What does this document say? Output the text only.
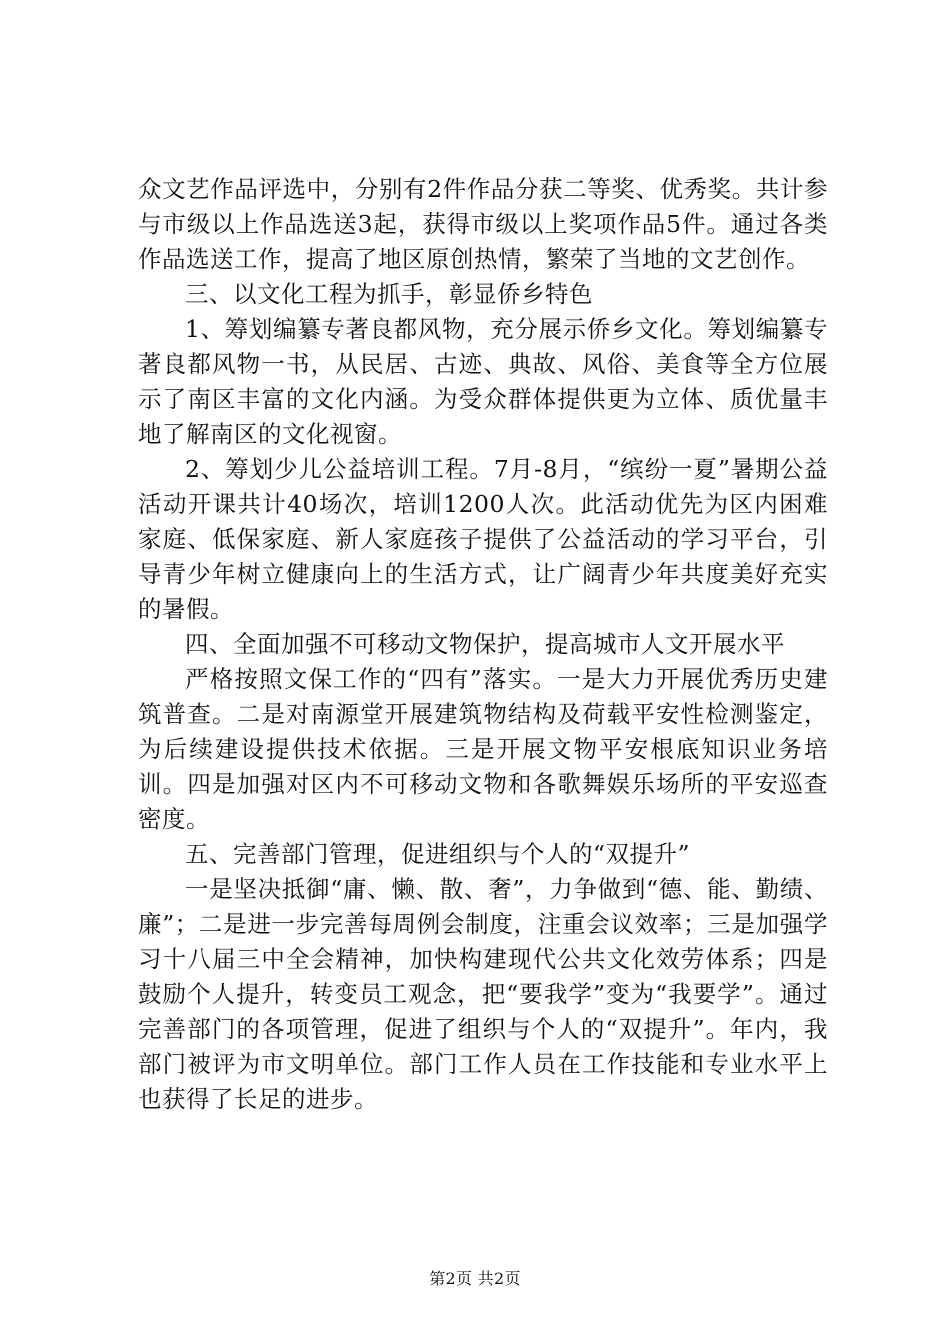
众文艺作品评选中，分别有2件作品分获二等奖、优秀奖。共计参与市级以上作品选送3起，获得市级以上奖项作品5件。通过各类作品选送工作，提高了地区原创热情，繁荣了当地的文艺创作。

三、以文化工程为抓手，彰显侨乡特色

1、筹划编纂专著良都风物，充分展示侨乡文化。筹划编纂专著良都风物一书，从民居、古迹、典故、风俗、美食等全方位展示了南区丰富的文化内涵。为受众群体提供更为立体、质优量丰地了解南区的文化视窗。

2、筹划少儿公益培训工程。7月-8月，“缤纷一夏”暑期公益活动开课共计40场次，培训1200人次。此活动优先为区内困难家庭、低保家庭、新人家庭孩子提供了公益活动的学习平台，引导青少年树立健康向上的生活方式，让广阔青少年共度美好充实的暑假。

四、全面加强不可移动文物保护，提高城市人文开展水平

严格按照文保工作的“四有”落实。一是大力开展优秀历史建筑普查。二是对南源堂开展建筑物结构及荷载平安性检测鉴定，为后续建设提供技术依据。三是开展文物平安根底知识业务培训。四是加强对区内不可移动文物和各歌舞娱乐场所的平安巡查密度。

五、完善部门管理，促进组织与个人的“双提升”

一是坚决抵御“庸、懒、散、奢”，力争做到“德、能、勤绩、廉”；二是进一步完善每周例会制度，注重会议效率；三是加强学习十八届三中全会精神，加快构建现代公共文化效劳体系；四是鼓励个人提升，转变员工观念，把“要我学”变为“我要学”。通过完善部门的各项管理，促进了组织与个人的“双提升”。年内，我部门被评为市文明单位。部门工作人员在工作技能和专业水平上也获得了长足的进步。

第2页 共2页
